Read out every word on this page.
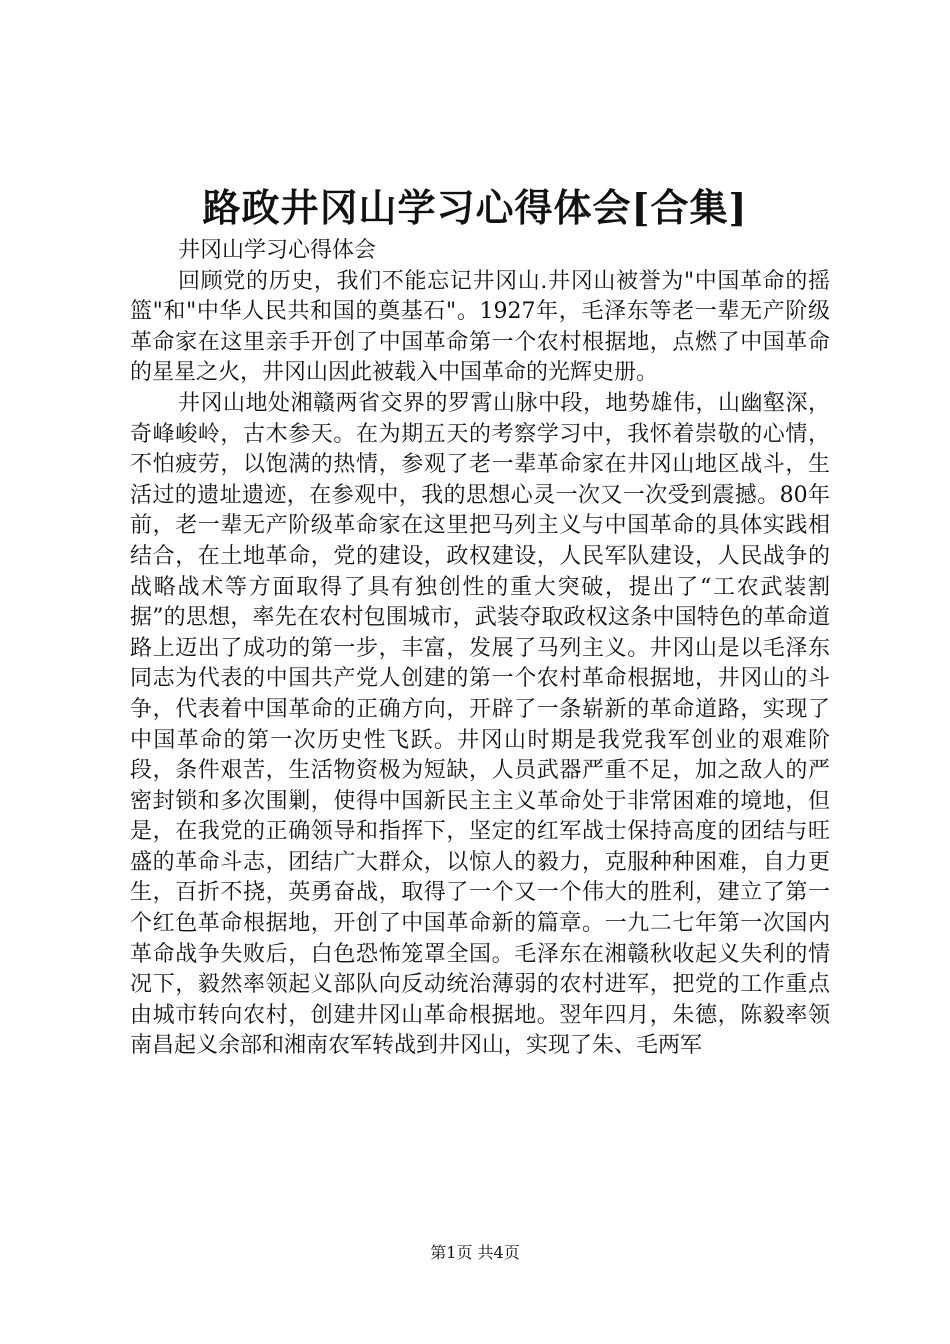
路政井冈山学习心得体会[合集]
井冈山学习心得体会

回顾党的历史，我们不能忘记井冈山.井冈山被誉为"中国革命的摇篮"和"中华人民共和国的奠基石"。1927年，毛泽东等老一辈无产阶级革命家在这里亲手开创了中国革命第一个农村根据地，点燃了中国革命的星星之火，井冈山因此被载入中国革命的光辉史册。

井冈山地处湘赣两省交界的罗霄山脉中段，地势雄伟，山幽壑深，奇峰峻岭，古木参天。在为期五天的考察学习中，我怀着崇敬的心情，不怕疲劳，以饱满的热情，参观了老一辈革命家在井冈山地区战斗，生活过的遗址遗迹，在参观中，我的思想心灵一次又一次受到震撼。80年前，老一辈无产阶级革命家在这里把马列主义与中国革命的具体实践相结合，在土地革命，党的建设，政权建设，人民军队建设，人民战争的战略战术等方面取得了具有独创性的重大突破，提出了“工农武装割据”的思想，率先在农村包围城市，武装夺取政权这条中国特色的革命道路上迈出了成功的第一步，丰富，发展了马列主义。井冈山是以毛泽东同志为代表的中国共产党人创建的第一个农村革命根据地，井冈山的斗争，代表着中国革命的正确方向，开辟了一条崭新的革命道路，实现了中国革命的第一次历史性飞跃。井冈山时期是我党我军创业的艰难阶段，条件艰苦，生活物资极为短缺，人员武器严重不足，加之敌人的严密封锁和多次围剿，使得中国新民主主义革命处于非常困难的境地，但是，在我党的正确领导和指挥下，坚定的红军战士保持高度的团结与旺盛的革命斗志，团结广大群众，以惊人的毅力，克服种种困难，自力更生，百折不挠，英勇奋战，取得了一个又一个伟大的胜利，建立了第一个红色革命根据地，开创了中国革命新的篇章。一九二七年第一次国内革命战争失败后，白色恐怖笼罩全国。毛泽东在湘赣秋收起义失利的情况下，毅然率领起义部队向反动统治薄弱的农村进军，把党的工作重点由城市转向农村，创建井冈山革命根据地。翌年四月，朱德，陈毅率领南昌起义余部和湘南农军转战到井冈山，实现了朱、毛两军

第1页 共4页
